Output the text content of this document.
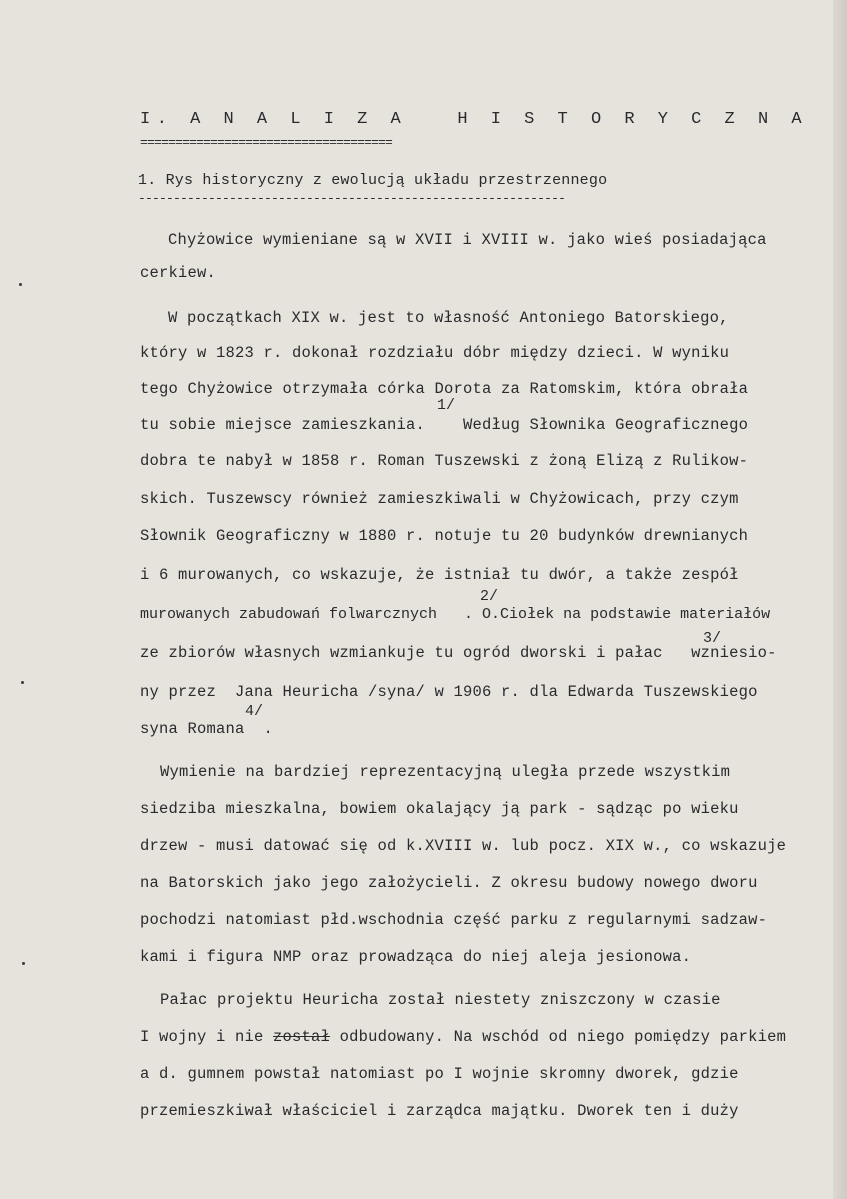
I. A N A L I Z A   H I S T O R Y C Z N A
====================================
1. Rys historyczny z ewolucją układu przestrzennego
-------------------------------------------------------------
Chyżowice wymieniane są w XVII i XVIII w. jako wieś posiadająca
cerkiew.
W początkach XIX w. jest to własność Antoniego Batorskiego,
który w 1823 r. dokonał rozdziału dóbr między dzieci. W wyniku
tego Chyżowice otrzymała córka Dorota za Ratomskim, która obrała
1/
tu sobie miejsce zamieszkania.    Według Słownika Geograficznego
dobra te nabył w 1858 r. Roman Tuszewski z żoną Elizą z Rulikow-
skich. Tuszewscy również zamieszkiwali w Chyżowicach, przy czym
Słownik Geograficzny w 1880 r. notuje tu 20 budynków drewnianych
i 6 murowanych, co wskazuje, że istniał tu dwór, a także zespół
2/
murowanych zabudowań folwarcznych   . O.Ciołek na podstawie materiałów
3/
ze zbiorów własnych wzmiankuje tu ogród dworski i pałac   wzniesio-
ny przez  Jana Heuricha /syna/ w 1906 r. dla Edwarda Tuszewskiego
4/
syna Romana  .
Wymienie na bardziej reprezentacyjną uległa przede wszystkim
siedziba mieszkalna, bowiem okalający ją park - sądząc po wieku
drzew - musi datować się od k.XVIII w. lub pocz. XIX w., co wskazuje
na Batorskich jako jego założycieli. Z okresu budowy nowego dworu
pochodzi natomiast płd.wschodnia część parku z regularnymi sadzaw-
kami i figura NMP oraz prowadząca do niej aleja jesionowa.
Pałac projektu Heuricha został niestety zniszczony w czasie
I wojny i nie został odbudowany. Na wschód od niego pomiędzy parkiem
a d. gumnem powstał natomiast po I wojnie skromny dworek, gdzie
przemieszkiwał właściciel i zarządca majątku. Dworek ten i duży
